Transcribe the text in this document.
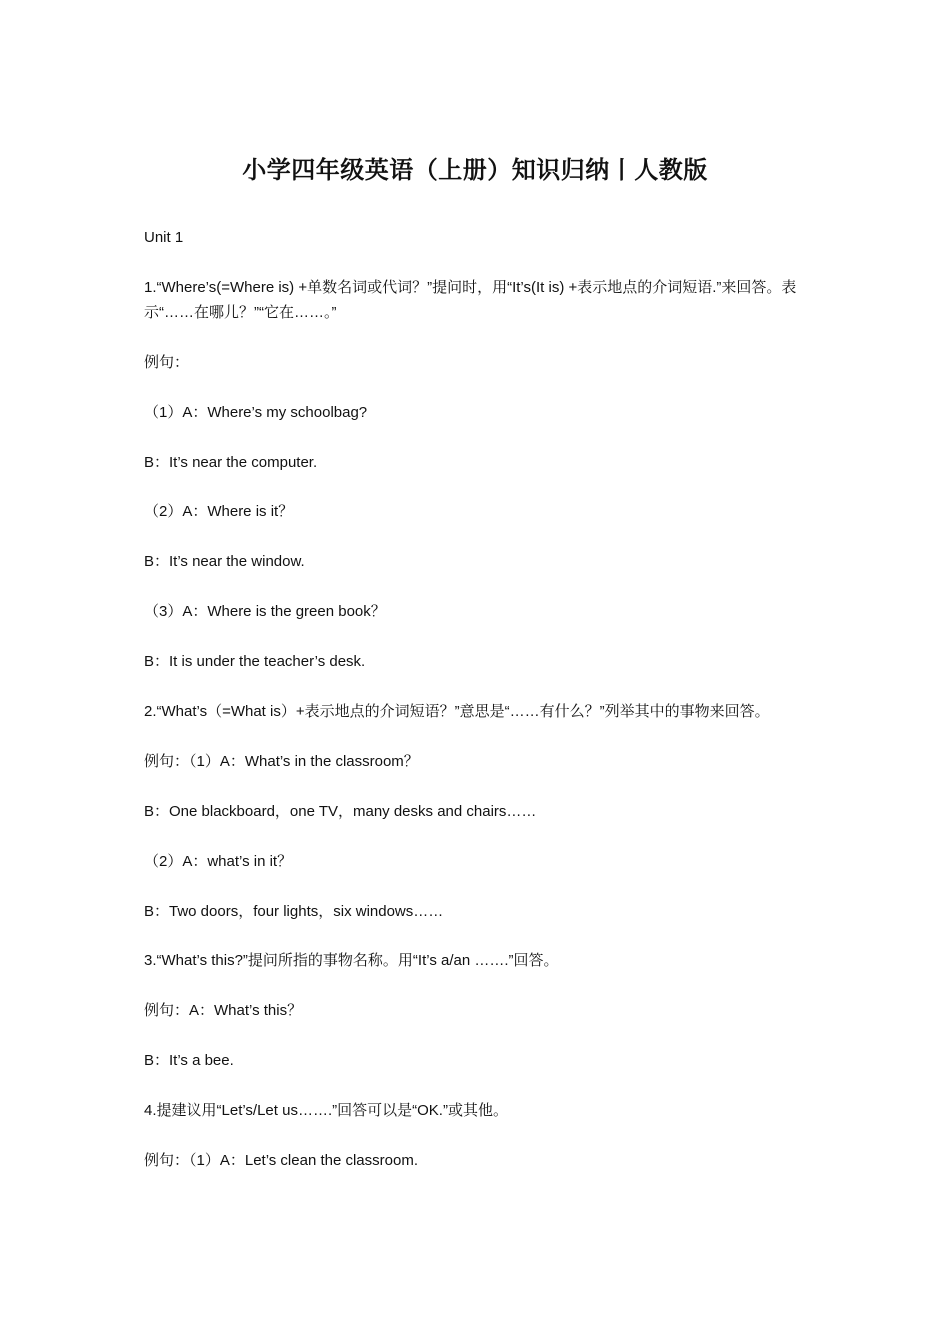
小学四年级英语（上册）知识归纳丨人教版

Unit 1

1.“Where’s(=Where is) +单数名词或代词？”提问时，用“It’s(It is) +表示地点的介词短语.”来回答。表示“……在哪儿？”“它在……。”

例句：

（1）A：Where’s my schoolbag?

B：It’s near the computer.

（2）A：Where is it？

B：It’s near the window.

（3）A：Where is the green book？

B：It is under the teacher’s desk.

2.“What’s（=What is）+表示地点的介词短语？”意思是“……有什么？”列举其中的事物来回答。

例句：（1）A：What’s in the classroom？

B：One blackboard，one TV，many desks and chairs……

（2）A：what’s in it？

B：Two doors，four lights，six windows……

3.“What’s this?”提问所指的事物名称。用“It’s a/an …….”回答。

例句：A：What’s this？

B：It’s a bee.

4.提建议用“Let’s/Let us…….”回答可以是“OK.”或其他。

例句：（1）A：Let’s clean the classroom.
